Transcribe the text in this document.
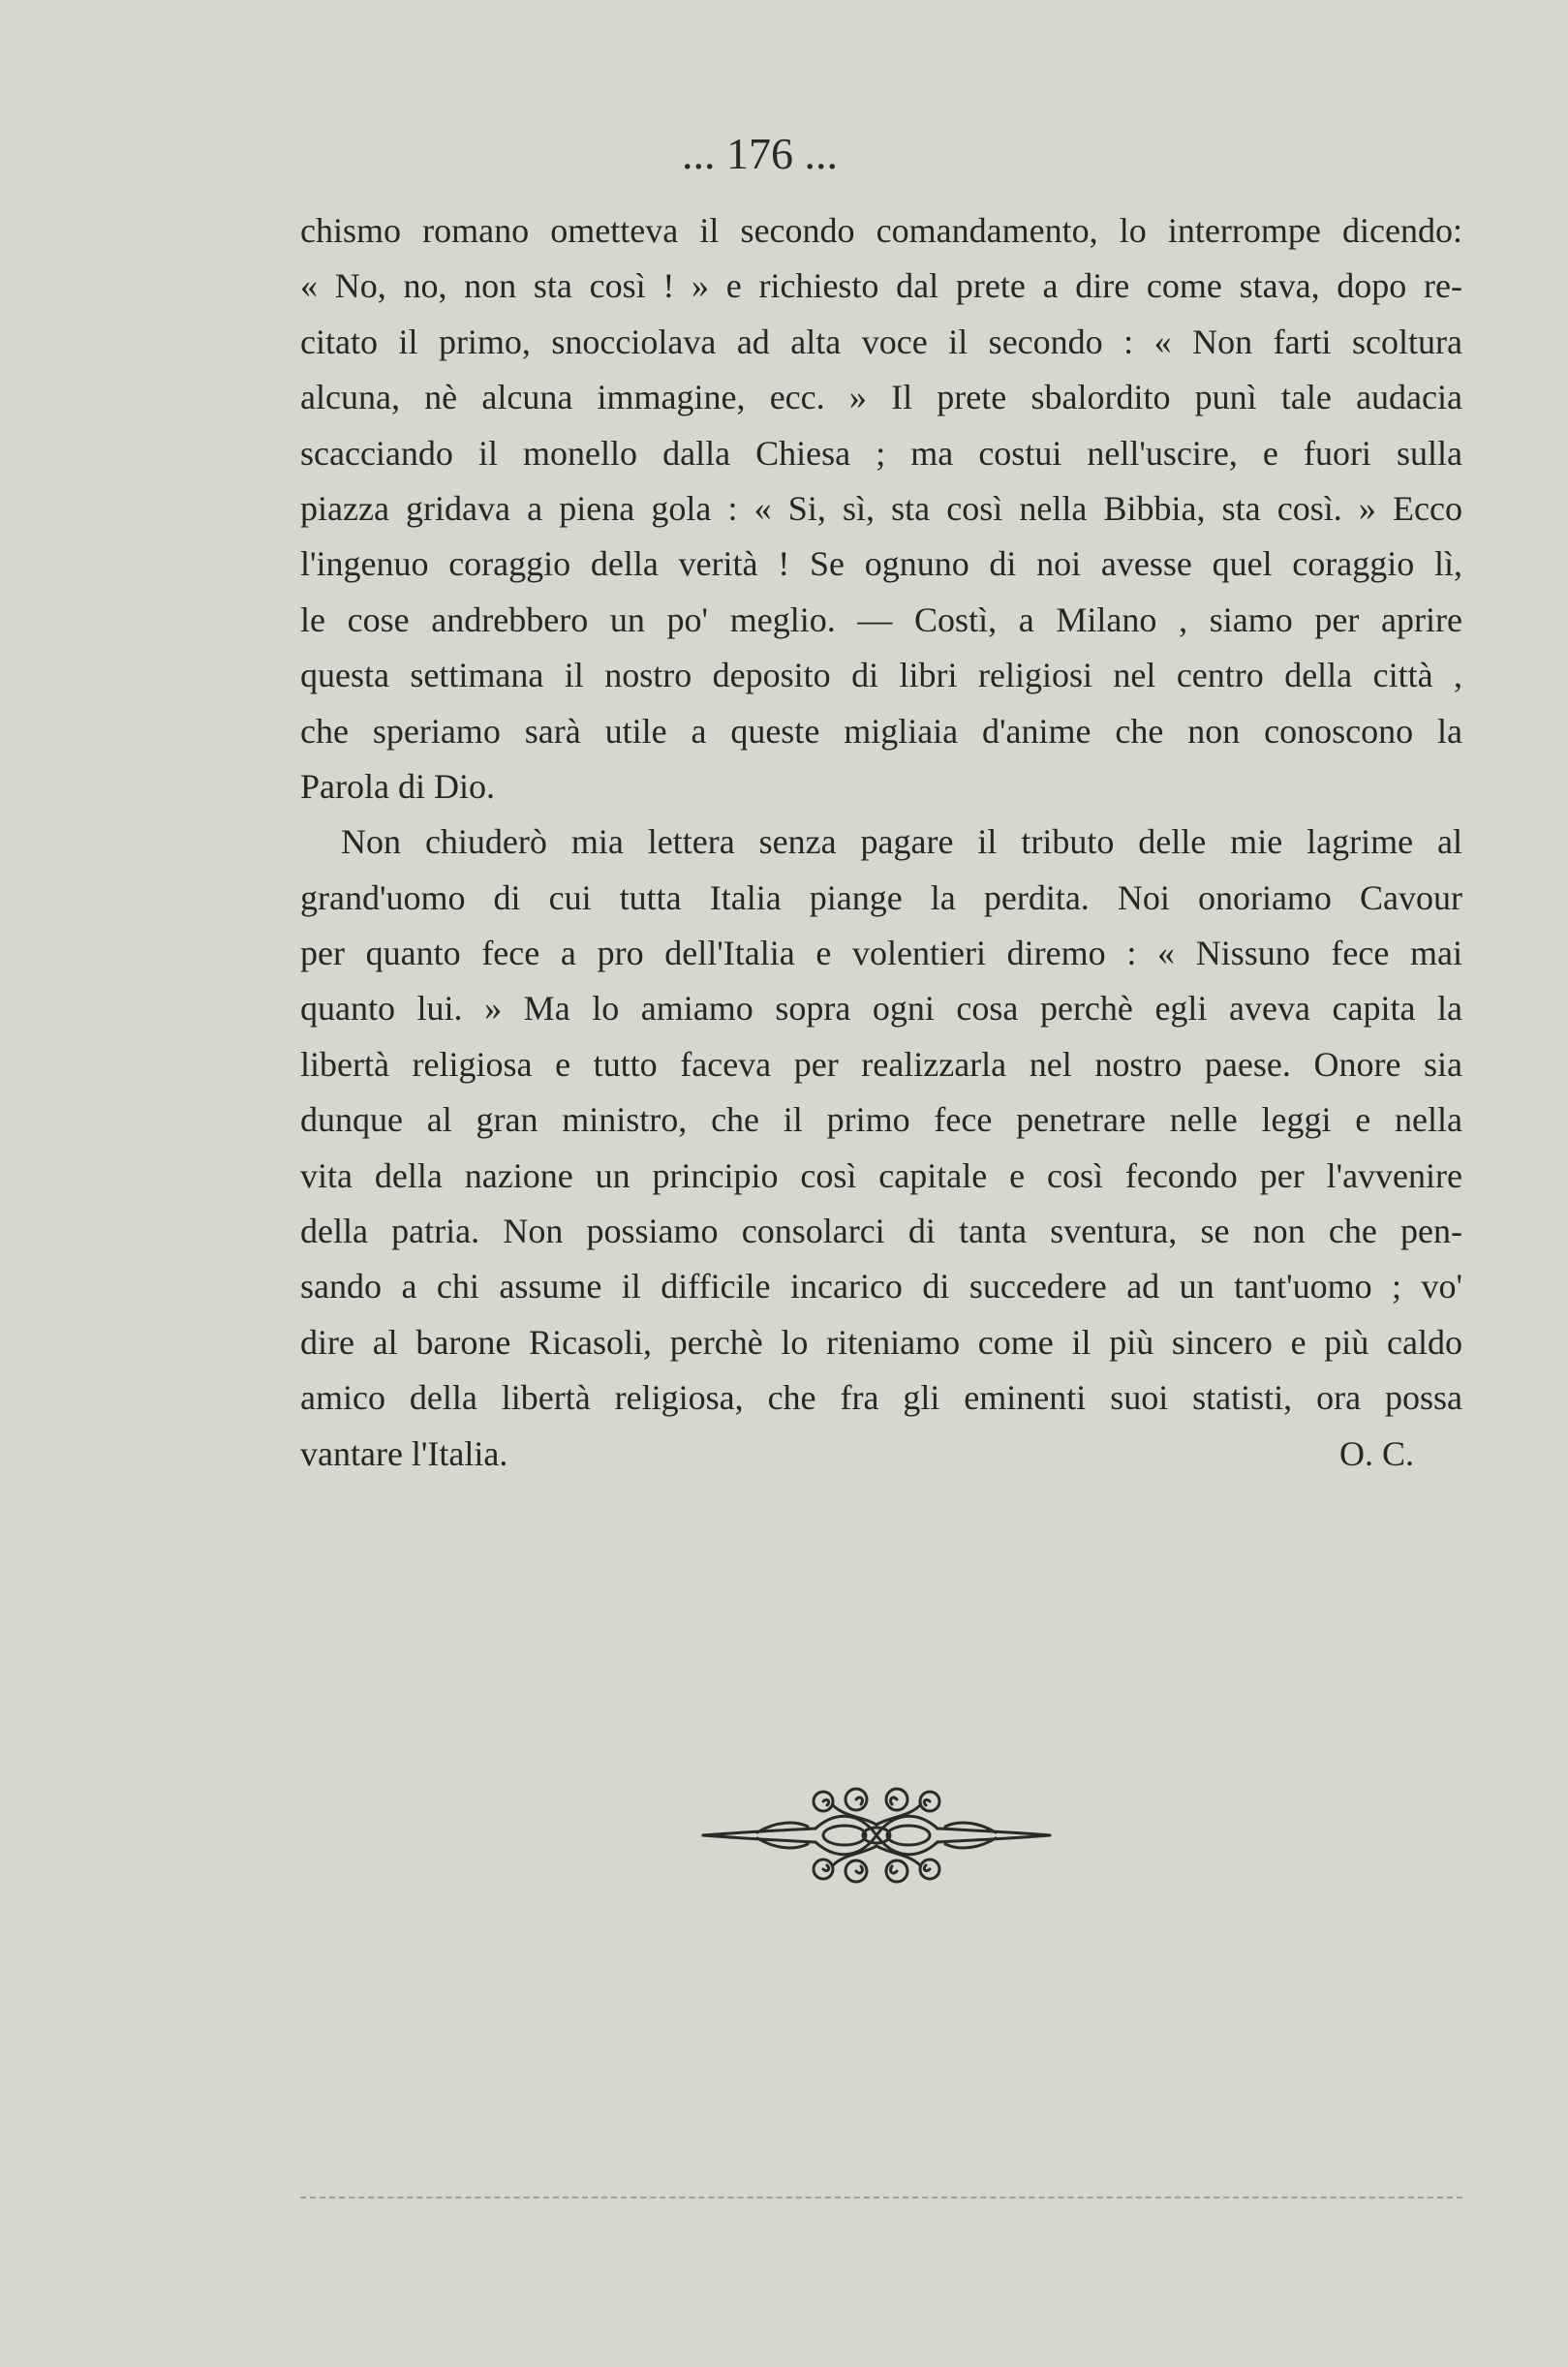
... 176 ...
chismo romano ometteva il secondo comandamento, lo interrompe dicendo:
« No, no, non sta così ! » e richiesto dal prete a dire come stava, dopo re-
citato il primo, snocciolava ad alta voce il secondo : « Non farti scoltura
alcuna, nè alcuna immagine, ecc. » Il prete sbalordito punì tale audacia
scacciando il monello dalla Chiesa ; ma costui nell'uscire, e fuori sulla
piazza gridava a piena gola : « Si, sì, sta così nella Bibbia, sta così. » Ecco
l'ingenuo coraggio della verità ! Se ognuno di noi avesse quel coraggio lì,
le cose andrebbero un po' meglio. — Costì, a Milano , siamo per aprire
questa settimana il nostro deposito di libri religiosi nel centro della città ,
che speriamo sarà utile a queste migliaia d'anime che non conoscono la
Parola di Dio.
Non chiuderò mia lettera senza pagare il tributo delle mie lagrime al
grand'uomo di cui tutta Italia piange la perdita. Noi onoriamo Cavour
per quanto fece a pro dell'Italia e volentieri diremo : « Nissuno fece mai
quanto lui. » Ma lo amiamo sopra ogni cosa perchè egli aveva capita la
libertà religiosa e tutto faceva per realizzarla nel nostro paese. Onore sia
dunque al gran ministro, che il primo fece penetrare nelle leggi e nella
vita della nazione un principio così capitale e così fecondo per l'avvenire
della patria. Non possiamo consolarci di tanta sventura, se non che pen-
sando a chi assume il difficile incarico di succedere ad un tant'uomo ; vo'
dire al barone Ricasoli, perchè lo riteniamo come il più sincero e più caldo
amico della libertà religiosa, che fra gli eminenti suoi statisti, ora possa
vantare l'Italia.	O. C.
